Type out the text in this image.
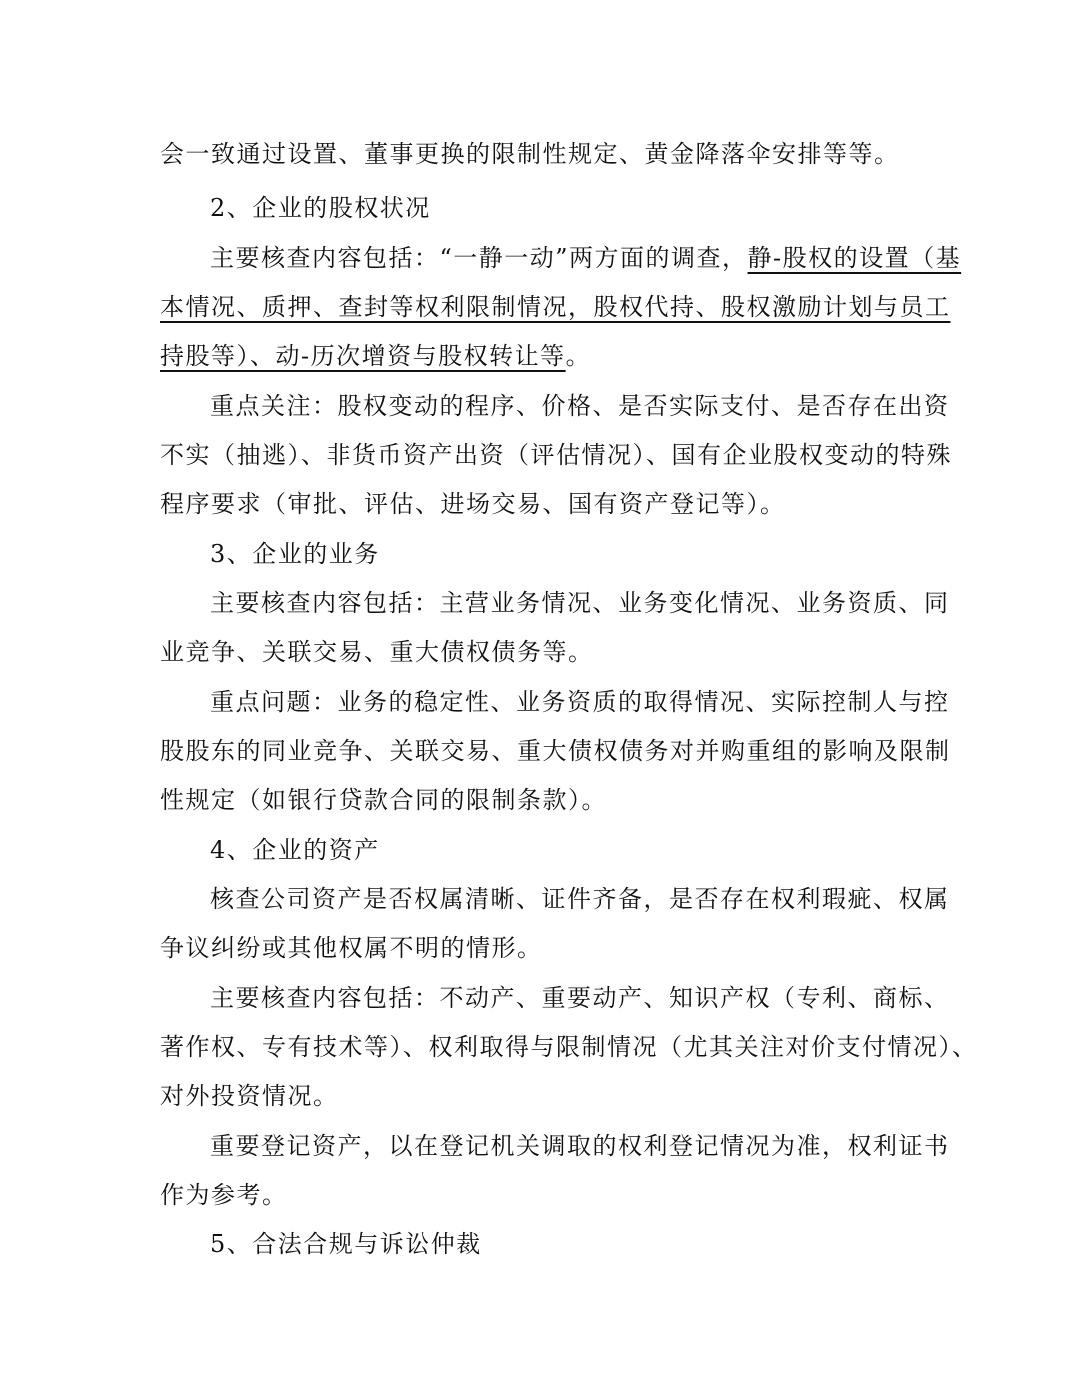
会一致通过设置、董事更换的限制性规定、黄金降落伞安排等等。
2、企业的股权状况
主要核查内容包括：“一静一动”两方面的调查，静-股权的设置（基
本情况、质押、查封等权利限制情况，股权代持、股权激励计划与员工
持股等）、动-历次增资与股权转让等。
重点关注：股权变动的程序、价格、是否实际支付、是否存在出资
不实（抽逃）、非货币资产出资（评估情况）、国有企业股权变动的特殊
程序要求（审批、评估、进场交易、国有资产登记等）。
3、企业的业务
主要核查内容包括：主营业务情况、业务变化情况、业务资质、同
业竞争、关联交易、重大债权债务等。
重点问题：业务的稳定性、业务资质的取得情况、实际控制人与控
股股东的同业竞争、关联交易、重大债权债务对并购重组的影响及限制
性规定（如银行贷款合同的限制条款）。
4、企业的资产
核查公司资产是否权属清晰、证件齐备，是否存在权利瑕疵、权属
争议纠纷或其他权属不明的情形。
主要核查内容包括：不动产、重要动产、知识产权（专利、商标、
著作权、专有技术等）、权利取得与限制情况（尤其关注对价支付情况）、
对外投资情况。
重要登记资产，以在登记机关调取的权利登记情况为准，权利证书
作为参考。
5、合法合规与诉讼仲裁
